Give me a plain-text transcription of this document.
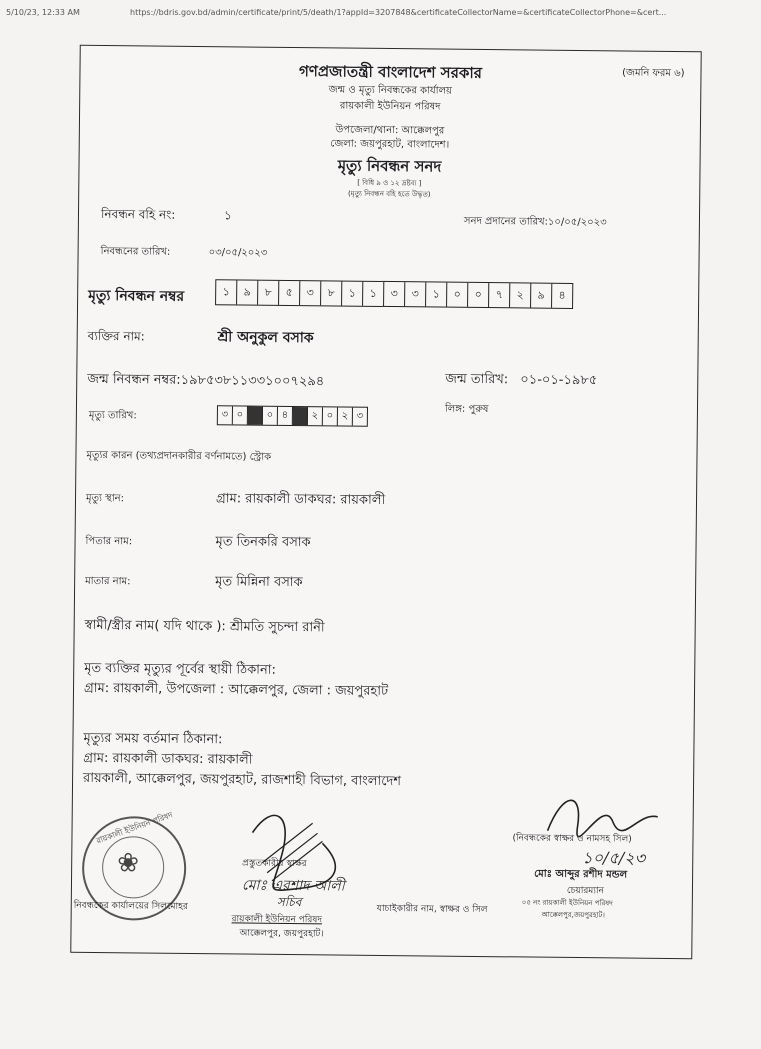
5/10/23, 12:33 AM	https://bdris.gov.bd/admin/certificate/print/5/death/1?appId=3207848&certificateCollectorName=&certificateCollectorPhone=&cert...
গণপ্রজাতন্ত্রী বাংলাদেশ সরকার	(জমনি ফরম ৬)
জন্ম ও মৃত্যু নিবন্ধকের কার্যালয়
রায়কালী ইউনিয়ন পরিষদ
উপজেলা/থানা: আক্কেলপুর
জেলা: জয়পুরহাট, বাংলাদেশ।
মৃত্যু নিবন্ধন সনদ
[ বিধি ৯ ও ১২ দ্রষ্টব্য ]
(মৃত্যু নিবন্ধন বহি হতে উদ্ধৃত)
নিবন্ধন বহি নং:	১	সনদ প্রদানের তারিখ:১০/০৫/২০২৩
নিবন্ধনের তারিখ:	০৩/০৫/২০২৩
মৃত্যু নিবন্ধন নম্বর	১	৯	৮	৫	৩	৮	১	১	৩	৩	১	০	০	৭	২	৯	৪
ব্যক্তির নাম:	শ্রী অনুকুল বসাক
জন্ম নিবন্ধন নম্বর:১৯৮৫৩৮১১৩৩১০০৭২৯৪	জন্ম তারিখ: ০১-০১-১৯৮৫
লিঙ্গ: পুরুষ
মৃত্যু তারিখ:	৩ ০	০ ৪	২ ০ ২ ৩
মৃত্যুর কারন (তথ্যপ্রদানকারীর বর্ণনামতে) স্ট্রোক
মৃত্যু স্থান:	গ্রাম: রায়কালী ডাকঘর: রায়কালী
পিতার নাম:	মৃত তিনকরি বসাক
মাতার নাম:	মৃত মিন্নিনা বসাক
স্বামী/স্ত্রীর নাম( যদি থাকে ): শ্রীমতি সুচন্দা রানী
মৃত ব্যক্তির মৃত্যুর পূর্বের স্থায়ী ঠিকানা:
গ্রাম: রায়কালী, উপজেলা : আক্কেলপুর, জেলা : জয়পুরহাট
মৃত্যুর সময় বর্তমান ঠিকানা:
গ্রাম: রায়কালী ডাকঘর: রায়কালী
রায়কালী, আক্কেলপুর, জয়পুরহাট, রাজশাহী বিভাগ, বাংলাদেশ
রায়কালী ইউনিয়ন পরিষদ
❀	প্রস্তুতকারীর স্বাক্ষর
মোঃ এরশাদ আলী
সচিব
রায়কালী ইউনিয়ন পরিষদ
আক্কেলপুর, জয়পুরহাট।
নিবন্ধকের কার্যালয়ের সিলমোহর	যাচাইকারীর নাম, স্বাক্ষর ও সিল
(নিবন্ধকের স্বাক্ষর ও নামসহ সিল)
১০/৫/২৩
মোঃ আব্দুর রশীদ মন্ডল
চেয়ারম্যান
০৫ নং রায়কালী ইউনিয়ন পরিষদ
আক্কেলপুর,জয়পুরহাট।
